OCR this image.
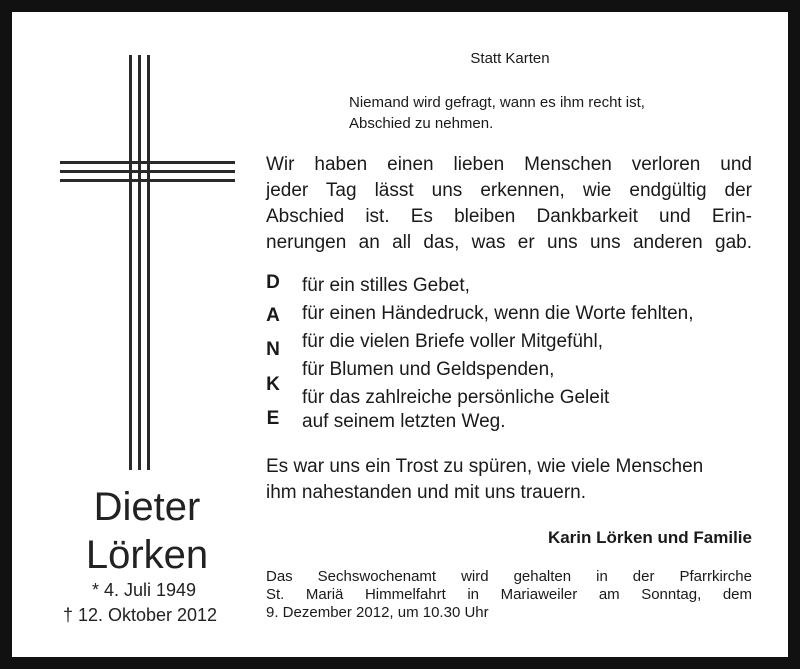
Dieter
Lörken
* 4. Juli 1949
† 12. Oktober 2012
Statt Karten
Niemand wird gefragt, wann es ihm recht ist,
Abschied zu nehmen.
Wir haben einen lieben Menschen verloren und
jeder Tag lässt uns erkennen, wie endgültig der
Abschied ist. Es bleiben Dankbarkeit und Erin-
nerungen an all das, was er uns uns anderen gab.
D
A
N
K
E
für ein stilles Gebet,
für einen Händedruck, wenn die Worte fehlten,
für die vielen Briefe voller Mitgefühl,
für Blumen und Geldspenden,
für das zahlreiche persönliche Geleit
auf seinem letzten Weg.
Es war uns ein Trost zu spüren, wie viele Menschen
ihm nahestanden und mit uns trauern.
Karin Lörken und Familie
Das Sechswochenamt wird gehalten in der Pfarrkirche
St. Mariä Himmelfahrt in Mariaweiler am Sonntag, dem
9. Dezember 2012, um 10.30 Uhr
